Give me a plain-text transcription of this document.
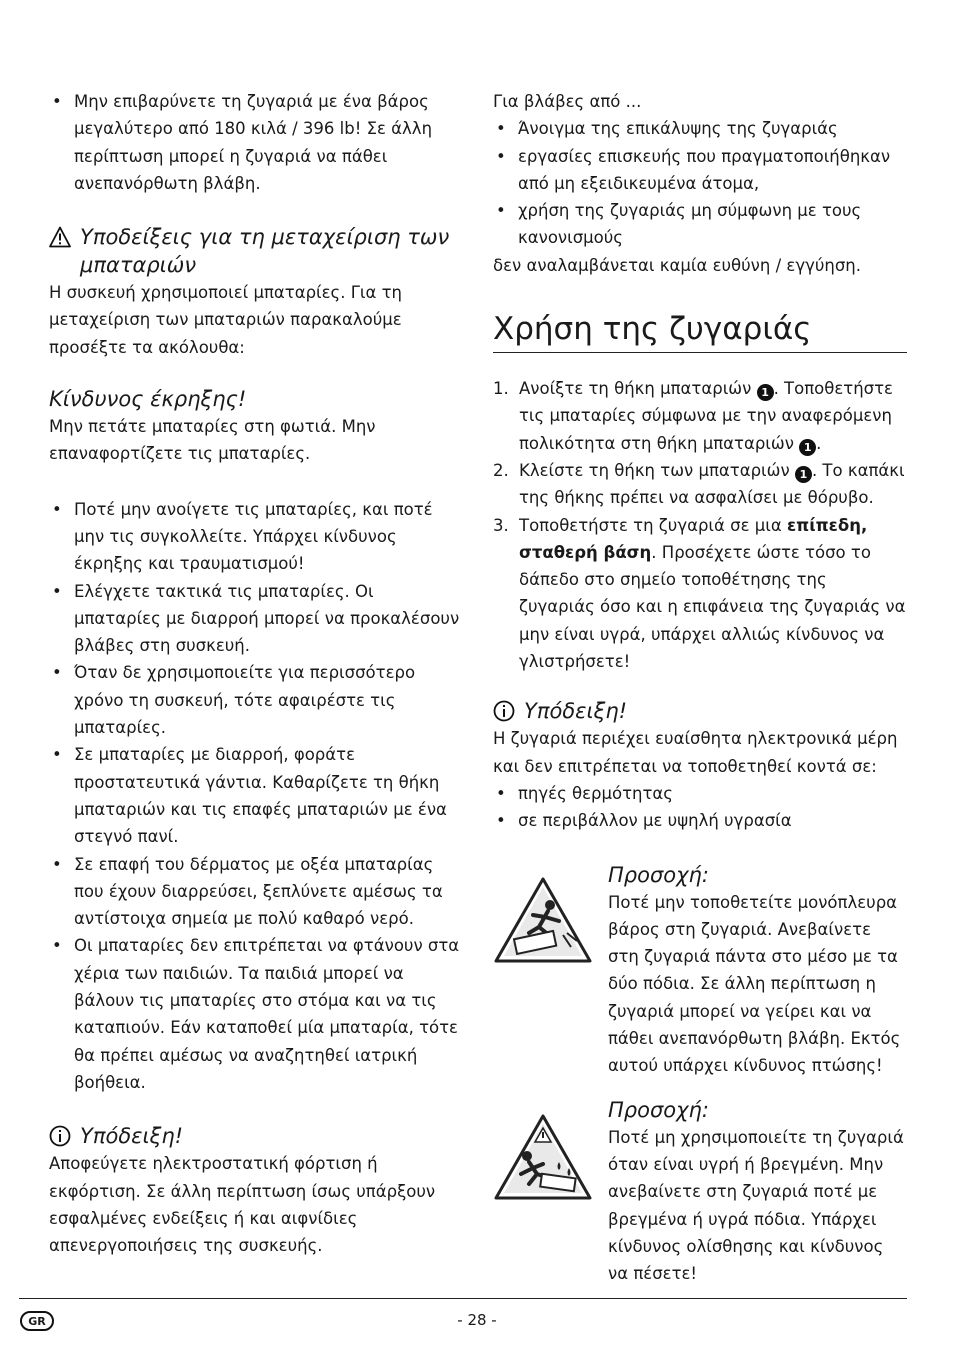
• Μην επιβαρύνετε τη ζυγαριά με ένα βάρος μεγαλύτερο από 180 κιλά / 396 lb! Σε άλλη περίπτωση μπορεί η ζυγαριά να πάθει ανεπανόρθωτη βλάβη.
Υποδείξεις για τη μεταχείριση των μπαταριών

Η συσκευή χρησιμοποιεί μπαταρίες. Για τη μεταχείριση των μπαταριών παρακαλούμε προσέξτε τα ακόλουθα:

Κίνδυνος έκρηξης!

Μην πετάτε μπαταρίες στη φωτιά. Μην επαναφορτίζετε τις μπαταρίες.

• Ποτέ μην ανοίγετε τις μπαταρίες, και ποτέ μην τις συγκολλείτε. Υπάρχει κίνδυνος έκρηξης και τραυματισμού!
• Ελέγχετε τακτικά τις μπαταρίες. Οι μπαταρίες με διαρροή μπορεί να προκαλέσουν βλάβες στη συσκευή.
• Όταν δε χρησιμοποιείτε για περισσότερο χρόνο τη συσκευή, τότε αφαιρέστε τις μπαταρίες.
• Σε μπαταρίες με διαρροή, φοράτε προστατευτικά γάντια. Καθαρίζετε τη θήκη μπαταριών και τις επαφές μπαταριών με ένα στεγνό πανί.
• Σε επαφή του δέρματος με οξέα μπαταρίας που έχουν διαρρεύσει, ξεπλύνετε αμέσως τα αντίστοιχα σημεία με πολύ καθαρό νερό.
• Οι μπαταρίες δεν επιτρέπεται να φτάνουν στα χέρια των παιδιών. Τα παιδιά μπορεί να βάλουν τις μπαταρίες στο στόμα και να τις καταπιούν. Εάν καταποθεί μία μπαταρία, τότε θα πρέπει αμέσως να αναζητηθεί ιατρική βοήθεια.
Υπόδειξη!

Αποφεύγετε ηλεκτροστατική φόρτιση ή εκφόρτιση. Σε άλλη περίπτωση ίσως υπάρξουν εσφαλμένες ενδείξεις ή και αιφνίδιες απενεργοποιήσεις της συσκευής.

Για βλάβες από ...

• Άνοιγμα της επικάλυψης της ζυγαριάς
• εργασίες επισκευής που πραγματοποιήθηκαν από μη εξειδικευμένα άτομα,
• χρήση της ζυγαριάς μη σύμφωνη με τους κανονισμούς

δεν αναλαμβάνεται καμία ευθύνη / εγγύηση.

Χρήση της ζυγαριάς
1. Ανοίξτε τη θήκη μπαταριών 1 . Τοποθετήστε τις μπαταρίες σύμφωνα με την αναφερόμενη πολικότητα στη θήκη μπαταριών 1 .
2. Κλείστε τη θήκη των μπαταριών 1 . Το καπάκι της θήκης πρέπει να ασφαλίσει με θόρυβο.
3. Τοποθετήστε τη ζυγαριά σε μια επίπεδη, σταθερή βάση. Προσέχετε ώστε τόσο το δάπεδο στο σημείο τοποθέτησης της ζυγαριάς όσο και η επιφάνεια της ζυγαριάς να μην είναι υγρά, υπάρχει αλλιώς κίνδυνος να γλιστρήσετε!
Υπόδειξη!

Η ζυγαριά περιέχει ευαίσθητα ηλεκτρονικά μέρη και δεν επιτρέπεται να τοποθετηθεί κοντά σε:

• πηγές θερμότητας
• σε περιβάλλον με υψηλή υγρασία
Προσοχή:

Ποτέ μην τοποθετείτε μονόπλευρα βάρος στη ζυγαριά. Ανεβαίνετε στη ζυγαριά πάντα στο μέσο με τα δύο πόδια. Σε άλλη περίπτωση η ζυγαριά μπορεί να γείρει και να πάθει ανεπανόρθωτη βλάβη. Εκτός αυτού υπάρχει κίνδυνος πτώσης!

Προσοχή:

Ποτέ μη χρησιμοποιείτε τη ζυγαριά όταν είναι υγρή ή βρεγμένη. Μην ανεβαίνετε στη ζυγαριά ποτέ με βρεγμένα ή υγρά πόδια. Υπάρχει κίνδυνος ολίσθησης και κίνδυνος να πέσετε!

GR	- 28 -
